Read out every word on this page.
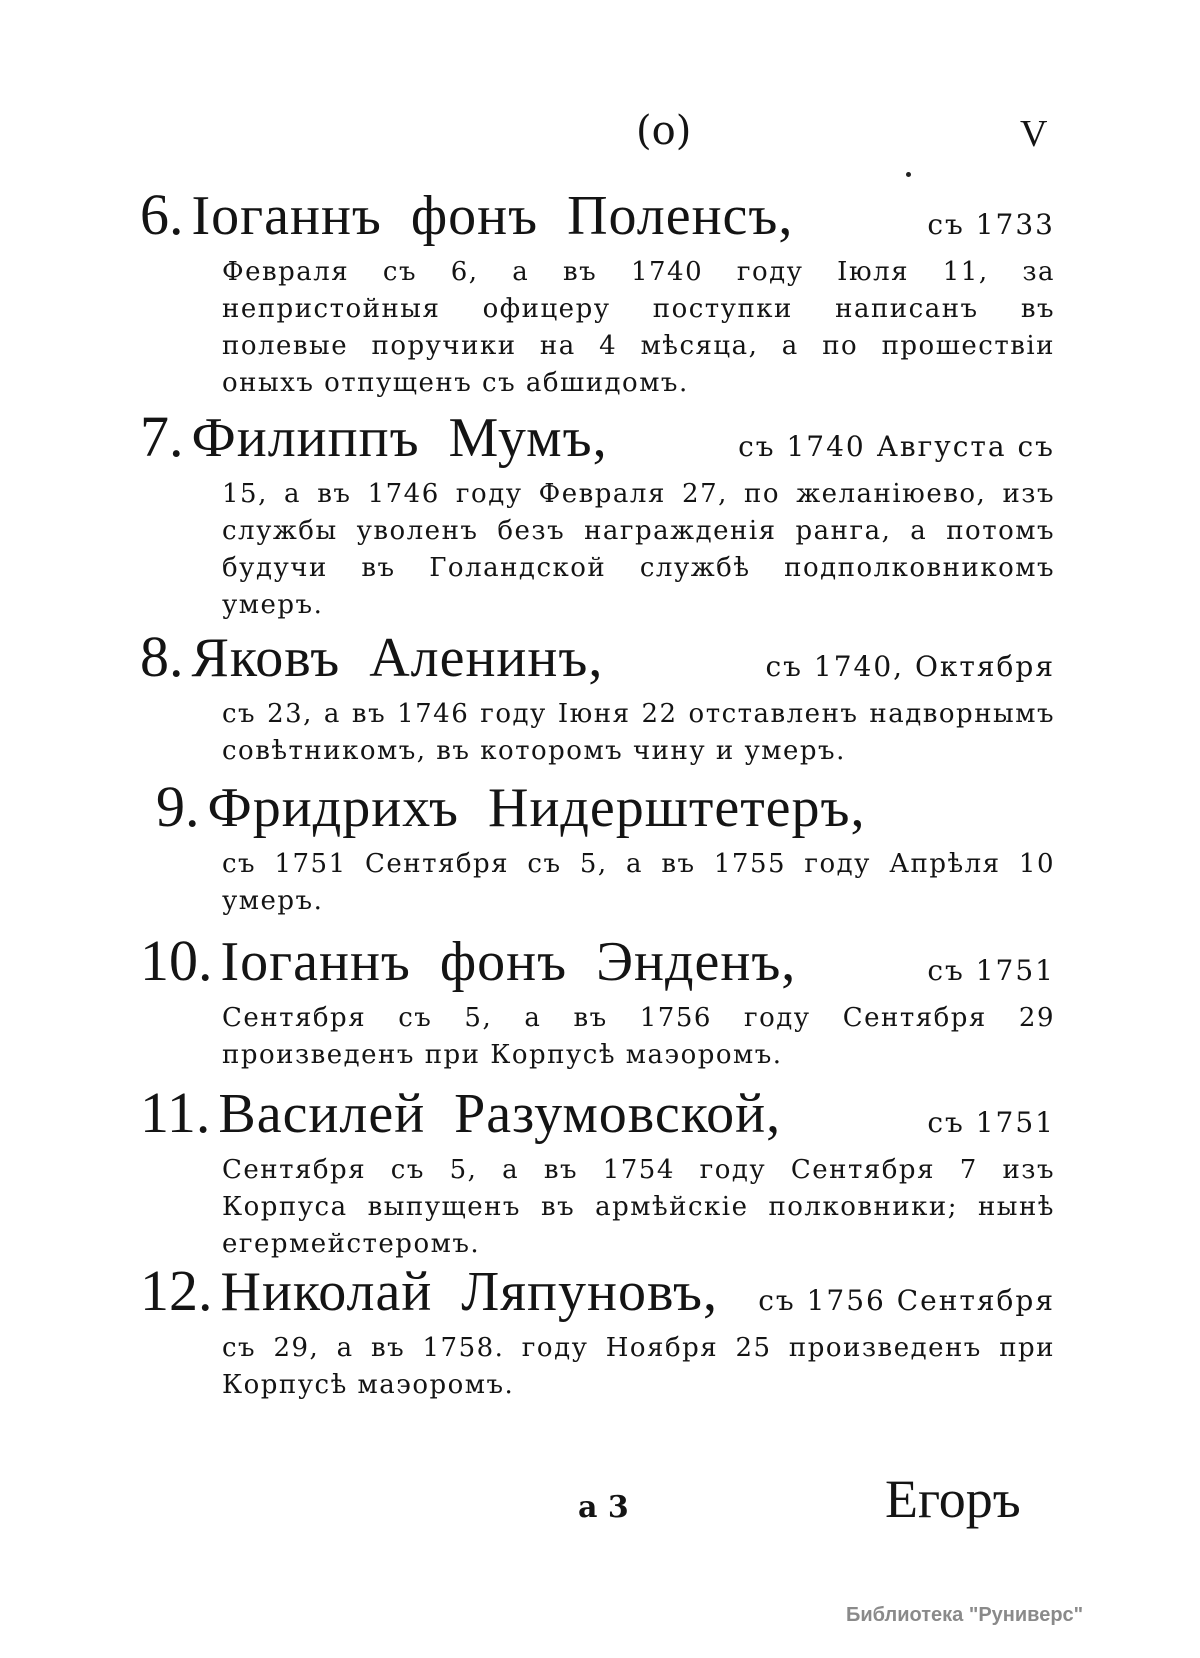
(o)	V
6. Іоганнъ фонъ Поленсъ,	съ 1733
Февраля съ 6, а въ 1740 году Іюля 11, за непристойныя офицеру поступки написанъ въ полевые поручики на 4 мѣсяца, а по прошествіи оныхъ отпущенъ съ абшидомъ.
7. Филиппъ Мумъ,	съ 1740 Августа съ
15, а въ 1746 году Февраля 27, по желаніюево, изъ службы уволенъ безъ награжденія ранга, а потомъ будучи въ Голандской службѣ подполковникомъ умеръ.
8. Яковъ Аленинъ,	съ 1740, Октября
съ 23, а въ 1746 году Іюня 22 отставленъ надворнымъ совѣтникомъ, въ которомъ чину и умеръ.
9. Фридрихъ Нидерштетеръ,
съ 1751 Сентября съ 5, а въ 1755 году Апрѣля 10 умеръ.
10. Іоганнъ фонъ Энденъ,	съ 1751
Сентября съ 5, а въ 1756 году Сентября 29 произведенъ при Корпусѣ маэоромъ.
11. Василей Разумовской,	съ 1751
Сентября съ 5, а въ 1754 году Сентября 7 изъ Корпуса выпущенъ въ армѣйскіе полковники; нынѣ егермейстеромъ.
12. Николай Ляпуновъ,	съ 1756 Сентября
съ 29, а въ 1758. году Ноября 25 произведенъ при Корпусѣ маэоромъ.
a 3	Егоръ
Библиотека "Руниверс"
